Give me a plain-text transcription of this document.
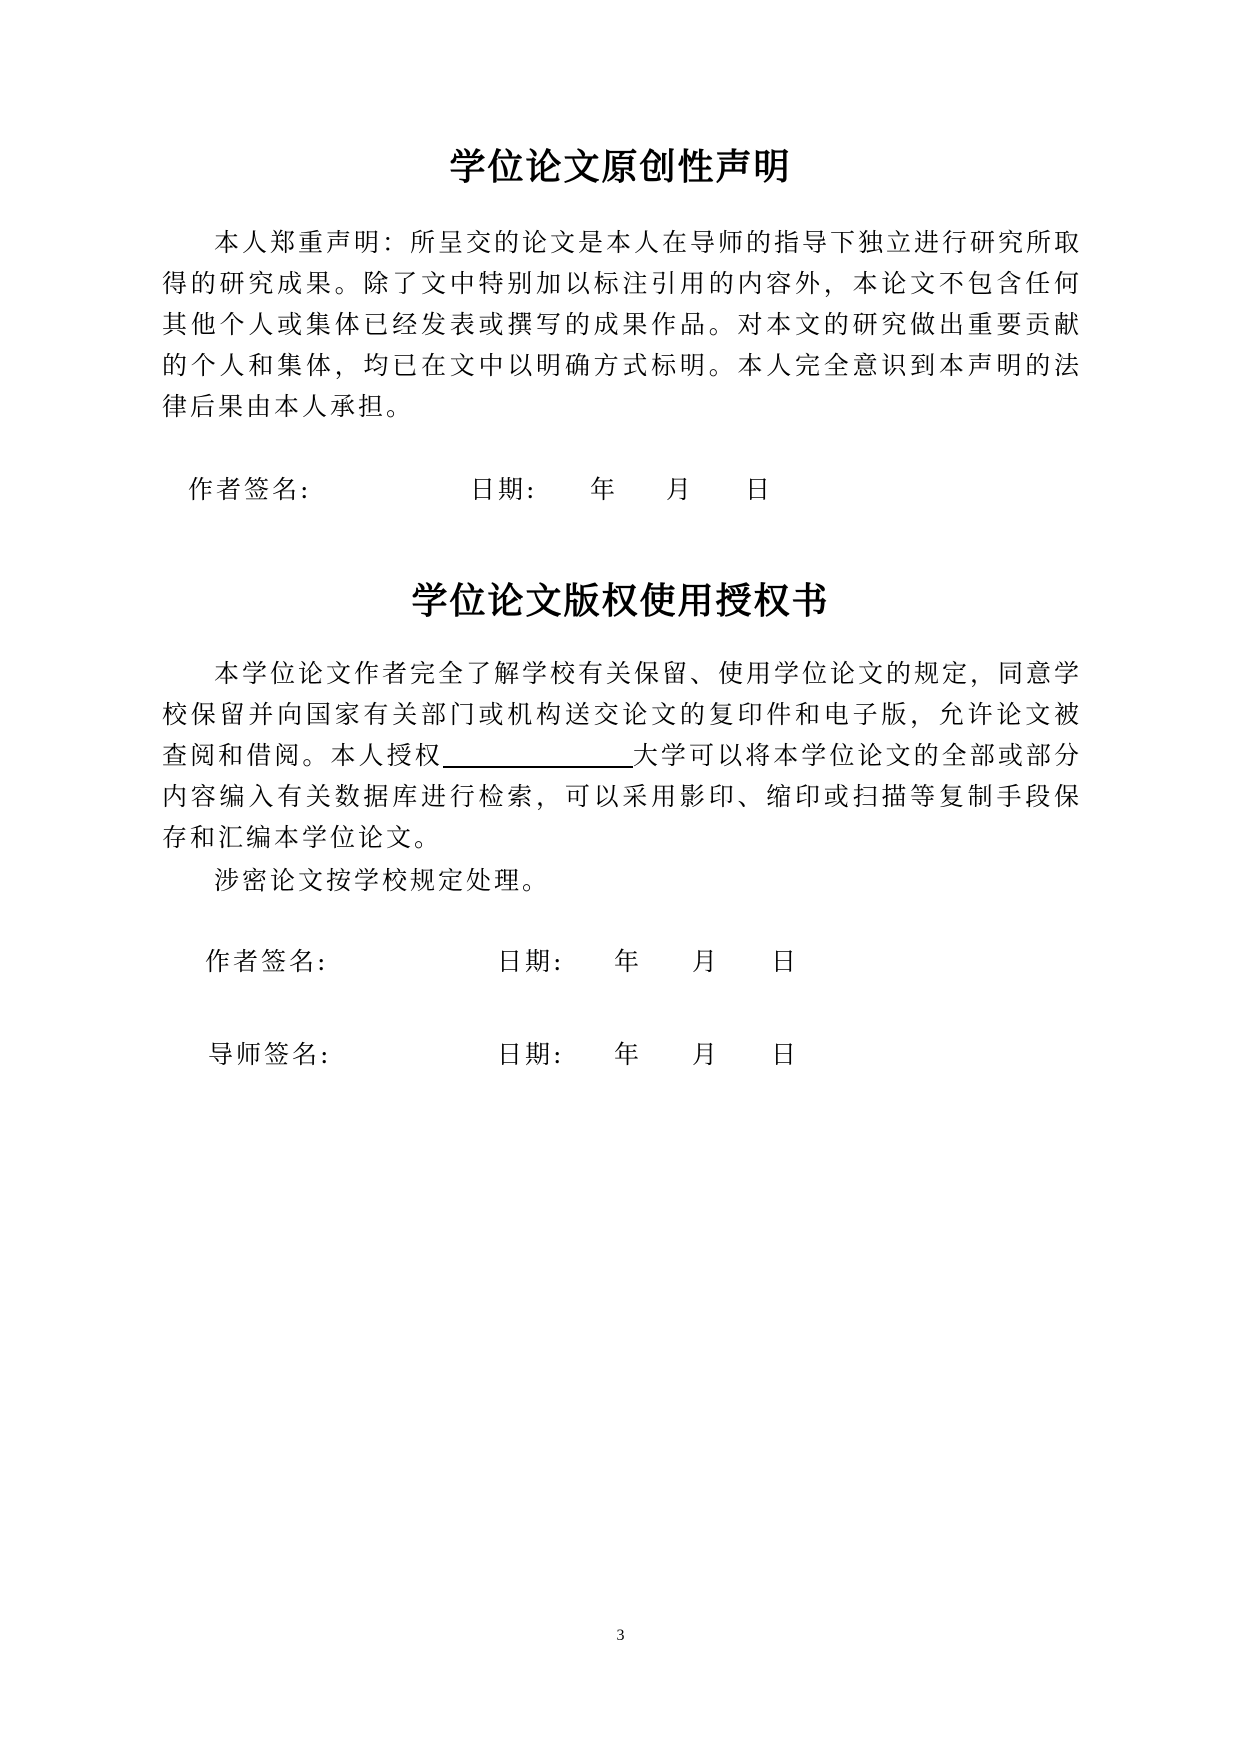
学位论文原创性声明
本人郑重声明：所呈交的论文是本人在导师的指导下独立进行研究所取得的研究成果。除了文中特别加以标注引用的内容外，本论文不包含任何其他个人或集体已经发表或撰写的成果作品。对本文的研究做出重要贡献的个人和集体，均已在文中以明确方式标明。本人完全意识到本声明的法律后果由本人承担。
作者签名:	日期: 年 月 日
学位论文版权使用授权书
本学位论文作者完全了解学校有关保留、使用学位论文的规定，同意学校保留并向国家有关部门或机构送交论文的复印件和电子版，允许论文被查阅和借阅。本人授权	大学可以将本学位论文的全部或部分内容编入有关数据库进行检索，可以采用影印、缩印或扫描等复制手段保存和汇编本学位论文。
涉密论文按学校规定处理。
作者签名:	日期: 年 月 日
导师签名:	日期: 年 月 日
3
